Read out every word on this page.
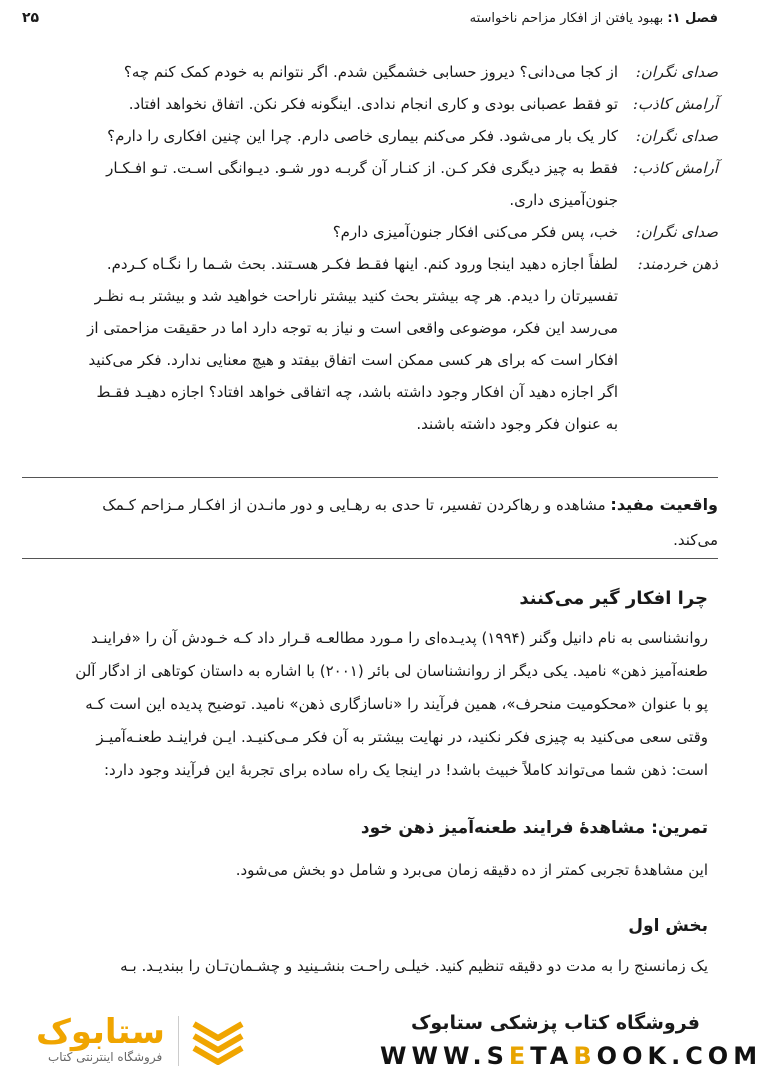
فصل ۱: بهبود یافتن از افکار مزاحم ناخواسته
۲۵
صدای نگران:
از کجا می‌دانی؟ دیروز حسابی خشمگین شدم. اگر نتوانم به خودم کمک کنم چه؟
آرامش کاذب:
تو فقط عصبانی بودی و کاری انجام ندادی. اینگونه فکر نکن. اتفاق نخواهد افتاد.
صدای نگران:
کار یک بار می‌شود. فکر می‌کنم بیماری خاصی دارم. چرا این چنین افکاری را دارم؟
آرامش کاذب:
فقط به چیز دیگری فکر کـن. از کنـار آن گربـه دور شـو. دیـوانگی اسـت. تـو افـکـار
جنون‌آمیزی داری.
صدای نگران:
خب، پس فکر می‌کنی افکار جنون‌آمیزی دارم؟
ذهن خردمند:
لطفاً اجازه دهید اینجا ورود کنم. اینها فقـط فکـر هسـتند. بحث شـما را نگـاه کـردم.
تفسیرتان را دیدم. هر چه بیشتر بحث کنید بیشتر ناراحت خواهید شد و بیشتر بـه نظـر
می‌رسد این فکر، موضوعی واقعی است و نیاز به توجه دارد اما در حقیقت مزاحمتی از
افکار است که برای هر کسی ممکن است اتفاق بیفتد و هیچ معنایی ندارد. فکر می‌کنید
اگر اجازه دهید آن افکار وجود داشته باشد، چه اتفاقی خواهد افتاد؟ اجازه دهیـد فقـط
به عنوان فکر وجود داشته باشند.

واقعیت مفید: مشاهده و رهاکردن تفسیر، تا حدی به رهـایی و دور مانـدن از افکـار مـزاحم کـمک
می‌کند.

چرا افکار گیر می‌کنند
روانشناسی به نام دانیل وگنر (۱۹۹۴) پدیـده‌ای را مـورد مطالعـه قـرار داد کـه خـودش آن را «فراینـد
طعنه‌آمیز ذهن» نامید. یکی دیگر از روانشناسان لی بائر (۲۰۰۱) با اشاره به داستان کوتاهی از ادگار آلن
پو با عنوان «محکومیت منحرف»، همین فرآیند را «ناسازگاری ذهن» نامید. توضیح پدیده این است کـه
وقتی سعی می‌کنید به چیزی فکر نکنید، در نهایت بیشتر به آن فکر مـی‌کنیـد. ایـن فراینـد طعنـه‌آمیـز
است: ذهن شما می‌تواند کاملاً خبیث باشد! در اینجا یک راه ساده برای تجربهٔ این فرآیند وجود دارد:
تمرین: مشاهدهٔ فرایند طعنه‌آمیز ذهن خود
این مشاهدهٔ تجربی کمتر از ده دقیقه زمان می‌برد و شامل دو بخش می‌شود.
بخش اول
یک زمانسنج را به مدت دو دقیقه تنظیم کنید. خیلـی راحـت بنشـینید و چشـمان‌تـان را ببندیـد. بـه
فروشگاه کتاب پزشکی ستابوک
WWW.SETABOOK.COM
ستابوک
فروشگاه اینترنتی کتاب
